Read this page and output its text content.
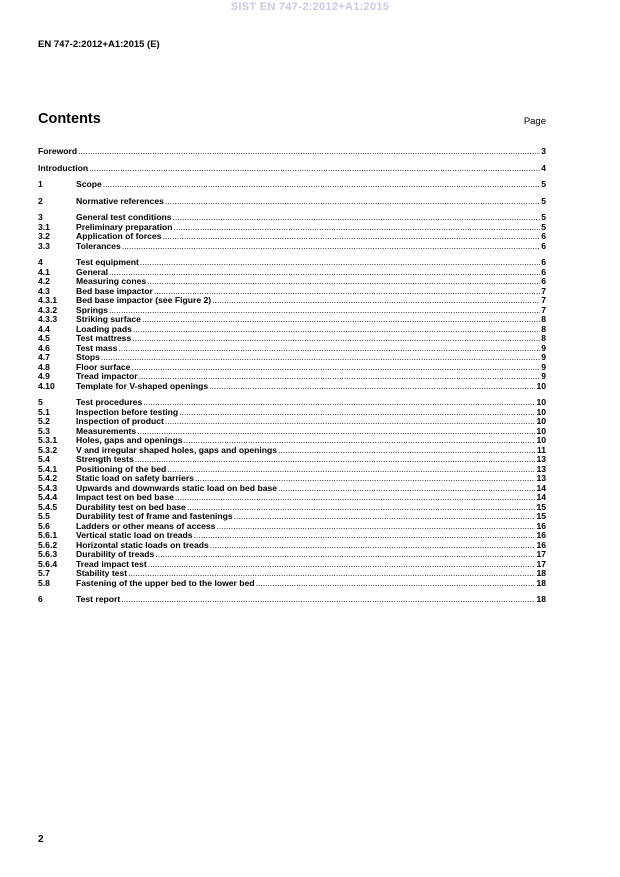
SIST EN 747-2:2012+A1:2015
EN 747-2:2012+A1:2015 (E)
Contents	Page
Foreword .....	3
Introduction .....	4
1	Scope .....	5
2	Normative references .....	5
3	General test conditions .....	5
3.1	Preliminary preparation .....	5
3.2	Application of forces .....	6
3.3	Tolerances .....	6
4	Test equipment .....	6
4.1	General .....	6
4.2	Measuring cones .....	6
4.3	Bed base impactor .....	7
4.3.1	Bed base impactor (see Figure 2) .....	7
4.3.2	Springs .....	7
4.3.3	Striking surface .....	8
4.4	Loading pads .....	8
4.5	Test mattress .....	8
4.6	Test mass .....	9
4.7	Stops .....	9
4.8	Floor surface .....	9
4.9	Tread impactor .....	9
4.10	Template for V-shaped openings .....	10
5	Test procedures .....	10
5.1	Inspection before testing .....	10
5.2	Inspection of product .....	10
5.3	Measurements .....	10
5.3.1	Holes, gaps and openings .....	10
5.3.2	V and irregular shaped holes, gaps and openings .....	11
5.4	Strength tests .....	13
5.4.1	Positioning of the bed .....	13
5.4.2	Static load on safety barriers .....	13
5.4.3	Upwards and downwards static load on bed base .....	14
5.4.4	Impact test on bed base .....	14
5.4.5	Durability test on bed base .....	15
5.5	Durability test of frame and fastenings .....	15
5.6	Ladders or other means of access .....	16
5.6.1	Vertical static load on treads .....	16
5.6.2	Horizontal static loads on treads .....	16
5.6.3	Durability of treads .....	17
5.6.4	Tread impact test .....	17
5.7	Stability test .....	18
5.8	Fastening of the upper bed to the lower bed .....	18
6	Test report .....	18
2
